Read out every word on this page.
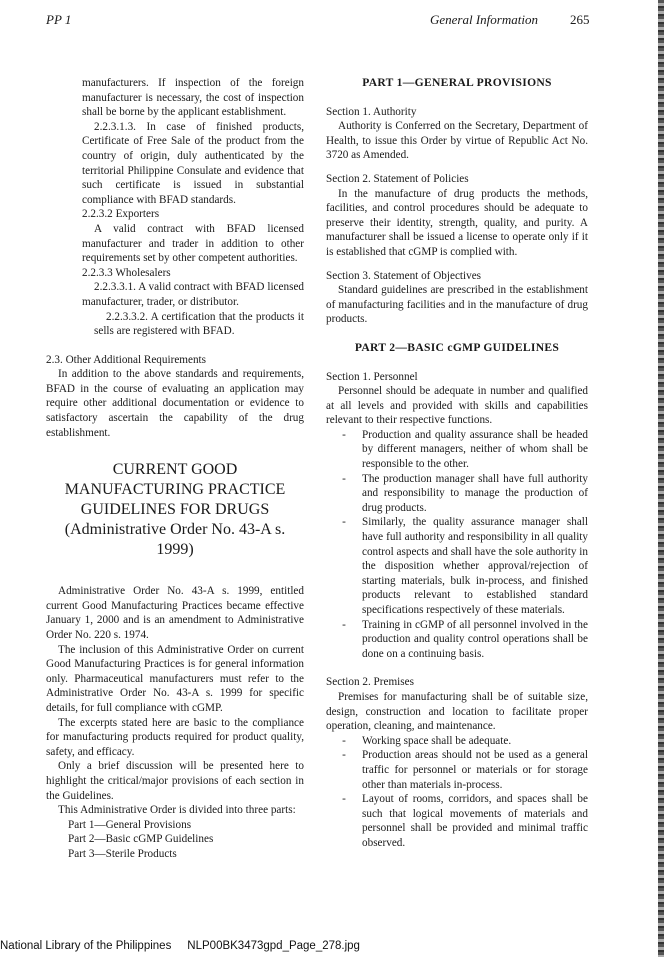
PP 1	General Information 265

manufacturers. If inspection of the foreign manufacturer is necessary, the cost of inspection shall be borne by the applicant establishment.

2.2.3.1.3. In case of finished products, Certificate of Free Sale of the product from the country of origin, duly authenticated by the territorial Philippine Consulate and evidence that such certificate is issued in substantial compliance with BFAD standards.

2.2.3.2 Exporters

A valid contract with BFAD licensed manufacturer and trader in addition to other requirements set by other competent authorities.

2.2.3.3 Wholesalers

2.2.3.3.1. A valid contract with BFAD licensed manufacturer, trader, or distributor.

2.2.3.3.2. A certification that the products it sells are registered with BFAD.

2.3. Other Additional Requirements

In addition to the above standards and requirements, BFAD in the course of evaluating an application may require other additional documentation or evidence to satisfactory ascertain the capability of the drug establishment.

CURRENT GOOD

MANUFACTURING PRACTICE

GUIDELINES FOR DRUGS

(Administrative Order No. 43-A s. 1999)

Administrative Order No. 43-A s. 1999, entitled current Good Manufacturing Practices became effective January 1, 2000 and is an amendment to Administrative Order No. 220 s. 1974.

The inclusion of this Administrative Order on current Good Manufacturing Practices is for general information only. Pharmaceutical manufacturers must refer to the Administrative Order No. 43-A s. 1999 for specific details, for full compliance with cGMP.

The excerpts stated here are basic to the compliance for manufacturing products required for product quality, safety, and efficacy.

Only a brief discussion will be presented here to highlight the critical/major provisions of each section in the Guidelines.

This Administrative Order is divided into three parts:

Part 1—General Provisions

Part 2—Basic cGMP Guidelines

Part 3—Sterile Products

PART 1—GENERAL PROVISIONS

Section 1. Authority

Authority is Conferred on the Secretary, Department of Health, to issue this Order by virtue of Republic Act No. 3720 as Amended.

Section 2. Statement of Policies

In the manufacture of drug products the methods, facilities, and control procedures should be adequate to preserve their identity, strength, quality, and purity. A manufacturer shall be issued a license to operate only if it is established that cGMP is complied with.

Section 3. Statement of Objectives

Standard guidelines are prescribed in the establishment of manufacturing facilities and in the manufacture of drug products.

PART 2—BASIC cGMP GUIDELINES

Section 1. Personnel

Personnel should be adequate in number and qualified at all levels and provided with skills and capabilities relevant to their respective functions.

-	Production and quality assurance shall be headed by different managers, neither of whom shall be responsible to the other.
-	The production manager shall have full authority and responsibility to manage the production of drug products.
-	Similarly, the quality assurance manager shall have full authority and responsibility in all quality control aspects and shall have the sole authority in the disposition whether approval/rejection of starting materials, bulk in-process, and finished products relevant to established standard specifications respectively of these materials.
-	Training in cGMP of all personnel involved in the production and quality control operations shall be done on a continuing basis.

Section 2. Premises

Premises for manufacturing shall be of suitable size, design, construction and location to facilitate proper operation, cleaning, and maintenance.

-	Working space shall be adequate.
-	Production areas should not be used as a general traffic for personnel or materials or for storage other than materials in-process.
-	Layout of rooms, corridors, and spaces shall be such that logical movements of materials and personnel shall be provided and minimal traffic observed.
National Library of the Philippines     NLP00BK3473gpd_Page_278.jpg
